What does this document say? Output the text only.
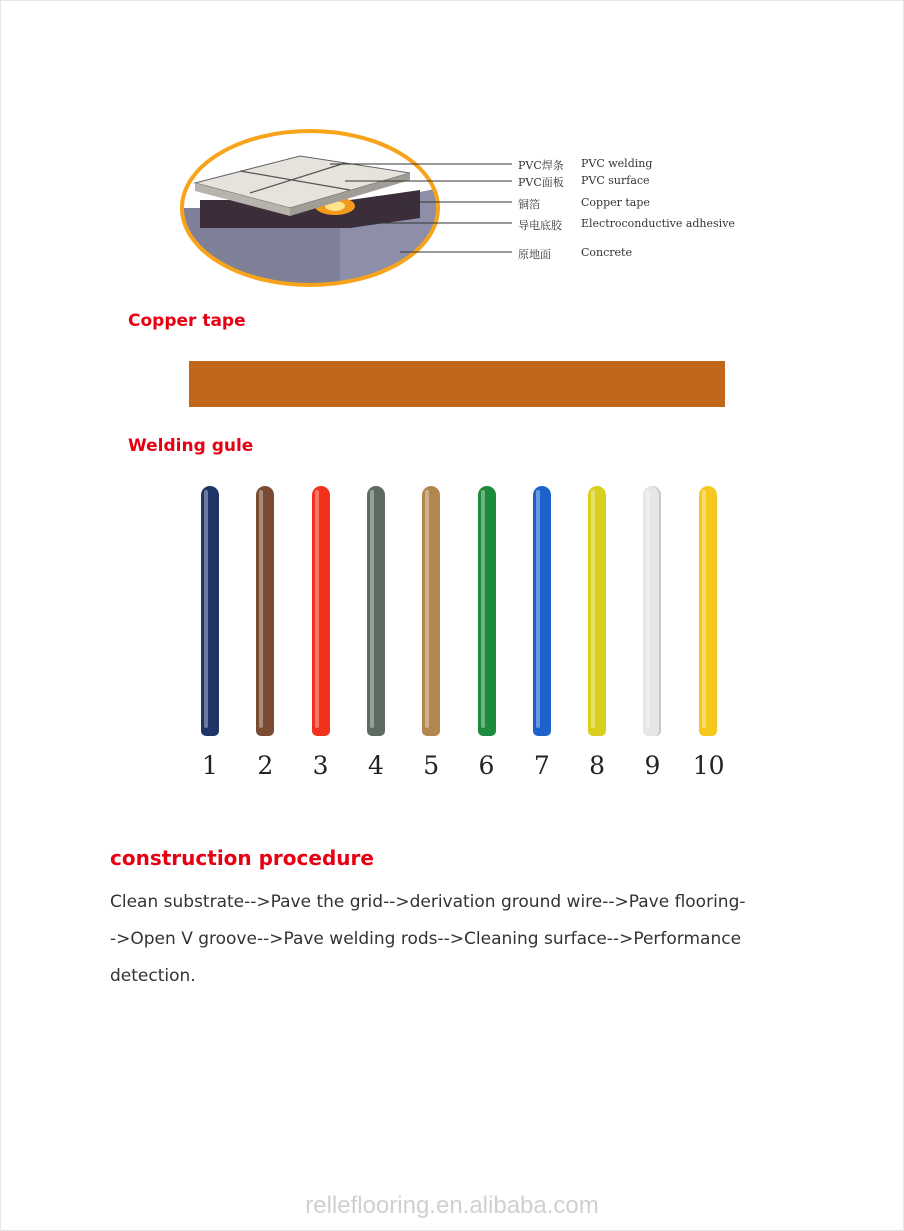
PVC焊条 PVC welding
PVC面板 PVC surface
铜箔	Copper tape
导电底胶 Electroconductive adhesive
原地面	Concrete
Copper tape
Welding gule
1 2 3 4 5 6 7 8 9 10
construction procedure
Clean substrate-->Pave the grid-->derivation ground wire-->Pave flooring-->Open V groove-->Pave welding rods-->Cleaning surface-->Performance detection.
relleflooring.en.alibaba.com
